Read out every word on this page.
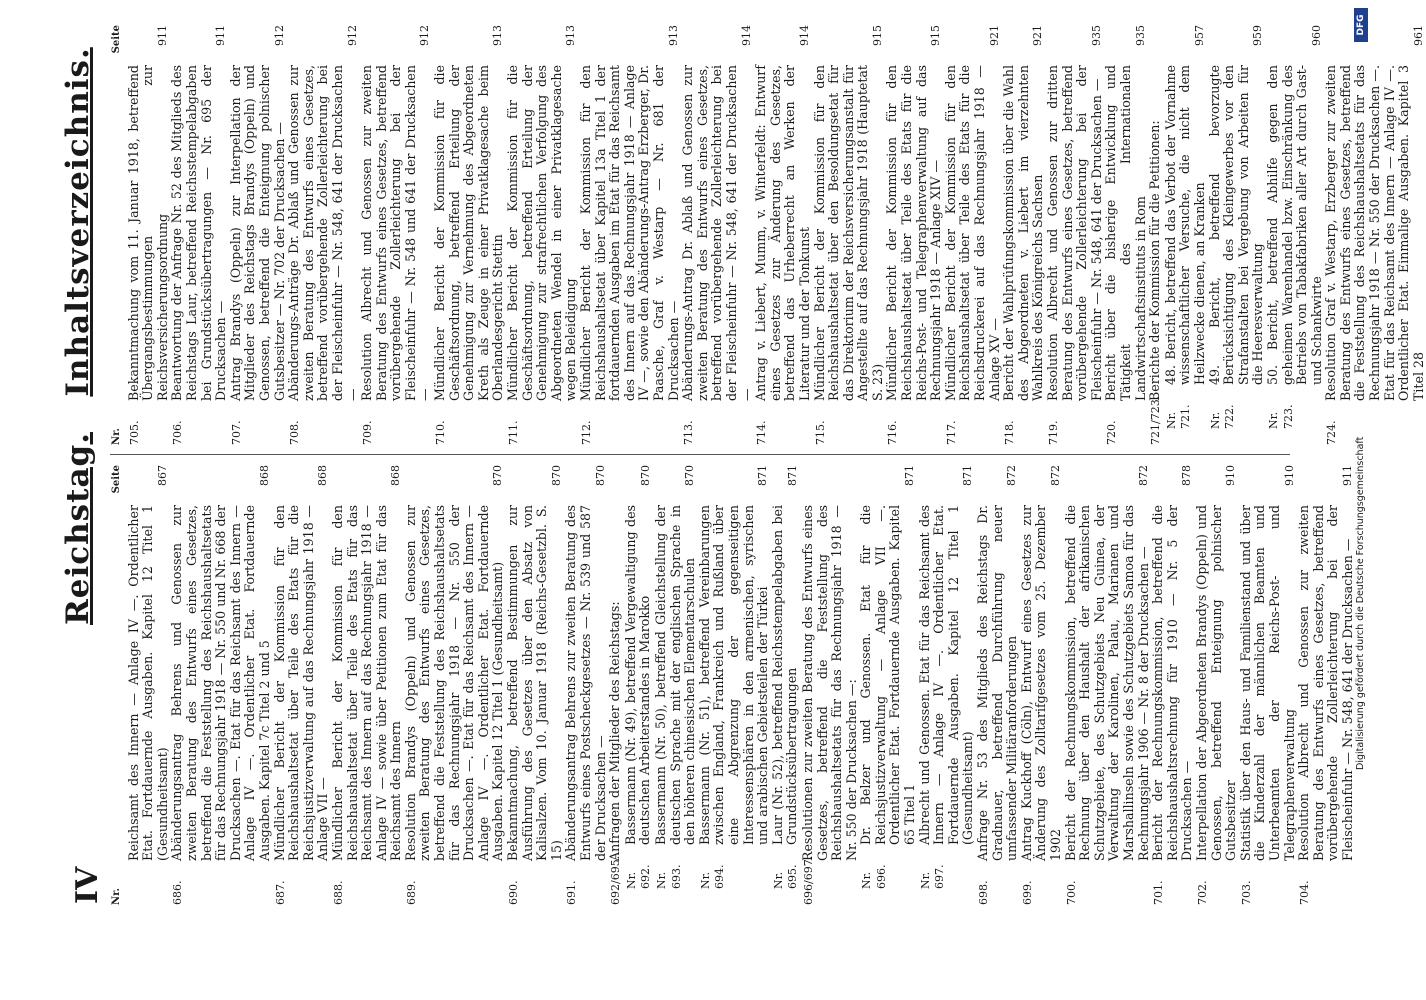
IV
Reichstag.   Inhaltsverzeichnis.
Nr.
Seite
Reichsamt des Innern — Anlage IV —. Ordentlicher Etat. Fortdauernde Ausgaben. Kapitel 12 Titel 1 (Gesundheitsamt)
867
686.
Abänderungsantrag Behrens und Genossen zur zweiten Beratung des Entwurfs eines Gesetzes, betreffend die Feststellung des Reichshaushaltsetats für das Rechnungsjahr 1918 — Nr. 550 und Nr. 668 der Drucksachen —. Etat für das Reichsamt des Innern — Anlage IV —. Ordentlicher Etat. Fortdauernde Ausgaben. Kapitel 7c Titel 2 und 5
868
687.
Mündlicher Bericht der Kommission für den Reichshaushaltsetat über Teile des Etats für die Reichsjustizverwaltung auf das Rechnungsjahr 1918 — Anlage VII —
868
688.
Mündlicher Bericht der Kommission für den Reichshaushaltsetat über Teile des Etats für das Reichsamt des Innern auf das Rechnungsjahr 1918 — Anlage IV — sowie über Petitionen zum Etat für das Reichsamt des Innern
868
689.
Resolution Brandys (Oppeln) und Genossen zur zweiten Beratung des Entwurfs eines Gesetzes, betreffend die Feststellung des Reichshaushaltsetats für das Rechnungsjahr 1918 — Nr. 550 der Drucksachen —. Etat für das Reichsamt des Innern — Anlage IV —. Ordentlicher Etat. Fortdauernde Ausgaben. Kapitel 12 Titel 1 (Gesundheitsamt)
870
690.
Bekanntmachung, betreffend Bestimmungen zur Ausführung des Gesetzes über den Absatz von Kalisalzen. Vom 10. Januar 1918 (Reichs-Gesetzbl. S. 15)
870
691.
Abänderungsantrag Behrens zur zweiten Beratung des Entwurfs eines Postscheckgesetzes — Nr. 539 und 587 der Drucksachen —
870
692/695.
Anfragen der Mitglieder des Reichstags:
Nr. 692.
Bassermann (Nr. 49), betreffend Vergewaltigung des deutschen Arbeiterstandes in Marokko
870
Nr. 693.
Bassermann (Nr. 50), betreffend Gleichstellung der deutschen Sprache mit der englischen Sprache in den höheren chinesischen Elementarschulen
870
Nr. 694.
Bassermann (Nr. 51), betreffend Vereinbarungen zwischen England, Frankreich und Rußland über eine Abgrenzung der gegenseitigen Interessensphären in den armenischen, syrischen und arabischen Gebietsteilen der Türkei
871
Nr. 695.
Laur (Nr. 52), betreffend Reichsstempelabgaben bei Grundstücksübertragungen
871
696/697.
Resolutionen zur zweiten Beratung des Entwurfs eines Gesetzes, betreffend die Feststellung des Reichshaushaltsetats für das Rechnungsjahr 1918 — Nr. 550 der Drucksachen —:
Nr. 696.
Dr. Belzer und Genossen. Etat für die Reichsjustizverwaltung — Anlage VII —. Ordentlicher Etat. Fortdauernde Ausgaben. Kapitel 65 Titel 1
871
Nr. 697.
Albrecht und Genossen. Etat für das Reichsamt des Innern — Anlage IV —. Ordentlicher Etat. Fortdauernde Ausgaben. Kapitel 12 Titel 1 (Gesundheitsamt)
871
698.
Anfrage Nr. 53 des Mitglieds des Reichstags Dr. Gradnauer, betreffend Durchführung neuer umfassender Militäranforderungen
872
699.
Antrag Kuckhoff (Cöln), Entwurf eines Gesetzes zur Änderung des Zolltarifgesetzes vom 25. Dezember 1902
872
700.
Bericht der Rechnungskommission, betreffend die Rechnung über den Haushalt der afrikanischen Schutzgebiete, des Schutzgebiets Neu Guinea, der Verwaltung der Karolinen, Palau, Marianen und Marshallinseln sowie des Schutzgebiets Samoa für das Rechnungsjahr 1906 — Nr. 8 der Drucksachen —
872
701.
Bericht der Rechnungskommission, betreffend die Reichshaushaltsrechnung für 1910 — Nr. 5 der Drucksachen —
878
702.
Interpellation der Abgeordneten Brandys (Oppeln) und Genossen, betreffend Enteignung polnischer Gutsbesitzer
910
703.
Statistik über den Haus- und Familienstand und über die Kinderzahl der männlichen Beamten und Unterbeamten der Reichs-Post- und Telegraphenverwaltung
910
704.
Resolution Albrecht und Genossen zur zweiten Beratung des Entwurfs eines Gesetzes, betreffend vorübergehende Zollerleichterung bei der Fleischeinfuhr — Nr. 548, 641 der Drucksachen —
911
Nr.
Seite
705.
Bekanntmachung vom 11. Januar 1918, betreffend Übergangsbestimmungen zur Reichsversicherungsordnung
911
706.
Beantwortung der Anfrage Nr. 52 des Mitglieds des Reichstags Laur, betreffend Reichsstempelabgaben bei Grundstücksübertragungen — Nr. 695 der Drucksachen —
911
707.
Antrag Brandys (Oppeln) zur Interpellation der Mitglieder des Reichstags Brandys (Oppeln) und Genossen, betreffend die Enteignung polnischer Gutsbesitzer — Nr. 702 der Drucksachen —
912
708.
Abänderungs-Anträge Dr. Ablaß und Genossen zur zweiten Beratung des Entwurfs eines Gesetzes, betreffend vorübergehende Zollerleichterung bei der Fleischeinfuhr — Nr. 548, 641 der Drucksachen —
912
709.
Resolution Albrecht und Genossen zur zweiten Beratung des Entwurfs eines Gesetzes, betreffend vorübergehende Zollerleichterung bei der Fleischeinfuhr — Nr. 548 und 641 der Drucksachen —
912
710.
Mündlicher Bericht der Kommission für die Geschäftsordnung, betreffend Erteilung der Genehmigung zur Vernehmung des Abgeordneten Kreth als Zeuge in einer Privatklagesache beim Oberlandesgericht Stettin
913
711.
Mündlicher Bericht der Kommission für die Geschäftsordnung, betreffend Erteilung der Genehmigung zur strafrechtlichen Verfolgung des Abgeordneten Wendel in einer Privatklagesache wegen Beleidigung
913
712.
Mündlicher Bericht der Kommission für den Reichshaushaltsetat über Kapitel 13a Titel 1 der fortdauernden Ausgaben im Etat für das Reichsamt des Innern auf das Rechnungsjahr 1918 — Anlage IV —, sowie den Abänderungs-Antrag Erzberger, Dr. Paasche, Graf v. Westarp — Nr. 681 der Drucksachen —
913
713.
Abänderungs-Antrag Dr. Ablaß und Genossen zur zweiten Beratung des Entwurfs eines Gesetzes, betreffend vorübergehende Zollerleichterung bei der Fleischeinfuhr — Nr. 548, 641 der Drucksachen —
914
714.
Antrag v. Liebert, Mumm, v. Winterfeldt: Entwurf eines Gesetzes zur Änderung des Gesetzes, betreffend das Urheberrecht an Werken der Literatur und der Tonkunst
914
715.
Mündlicher Bericht der Kommission für den Reichshaushaltsetat über den Besoldungsetat für das Direktorium der Reichsversicherungsanstalt für Angestellte auf das Rechnungsjahr 1918 (Hauptetat S. 23)
915
716.
Mündlicher Bericht der Kommission für den Reichshaushaltsetat über Teile des Etats für die Reichs-Post- und Telegraphenverwaltung auf das Rechnungsjahr 1918 — Anlage XIV —
915
717.
Mündlicher Bericht der Kommission für den Reichshaushaltsetat über Teile des Etats für die Reichsdruckerei auf das Rechnungsjahr 1918 — Anlage XV —
921
718.
Bericht der Wahlprüfungskommission über die Wahl des Abgeordneten v. Liebert im vierzehnten Wahlkreis des Königreichs Sachsen
921
719.
Resolution Albrecht und Genossen zur dritten Beratung des Entwurfs eines Gesetzes, betreffend vorübergehende Zollerleichterung bei der Fleischeinfuhr — Nr. 548, 641 der Drucksachen —
935
720.
Bericht über die bisherige Entwicklung und Tätigkeit des Internationalen Landwirtschaftsinstituts in Rom
935
721/723.
Berichte der Kommission für die Petitionen:
Nr. 721.
48. Bericht, betreffend das Verbot der Vornahme wissenschaftlicher Versuche, die nicht dem Heilzwecke dienen, an Kranken
957
Nr. 722.
49. Bericht, betreffend bevorzugte Berücksichtigung des Kleingewerbes vor den Strafanstalten bei Vergebung von Arbeiten für die Heeresverwaltung
959
Nr. 723.
50. Bericht, betreffend Abhilfe gegen den geheimen Warenhandel bzw. Einschränkung des Betriebs von Tabakfabriken aller Art durch Gast- und Schankwirte
960
724.
Resolution Graf v. Westarp, Erzberger zur zweiten Beratung des Entwurfs eines Gesetzes, betreffend die Feststellung des Reichshaushaltsetats für das Rechnungsjahr 1918 — Nr. 550 der Drucksachen —. Etat für das Reichsamt des Innern — Anlage IV —. Ordentlicher Etat. Einmalige Ausgaben. Kapitel 3 Titel 28
961
Digitalisierung gefördert durch die Deutsche Forschungsgemeinschaft
DFG
